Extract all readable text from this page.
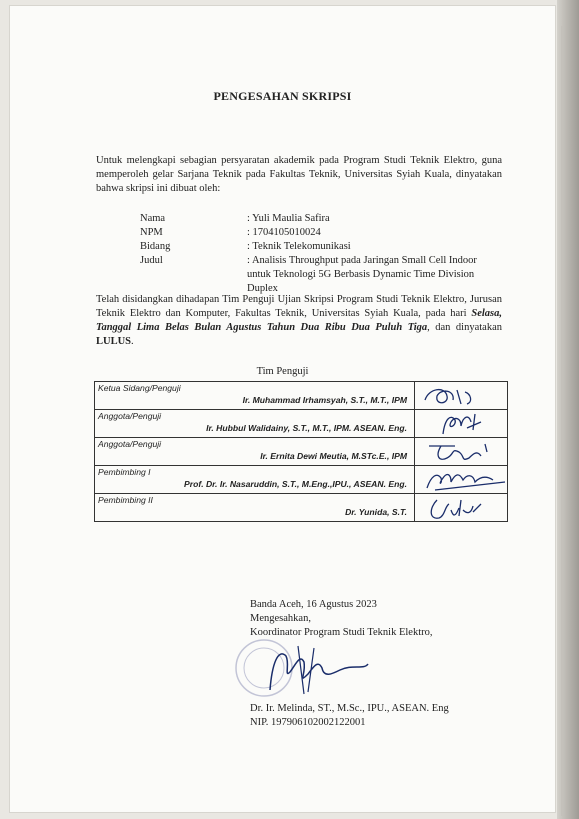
PENGESAHAN SKRIPSI
Untuk melengkapi sebagian persyaratan akademik pada Program Studi Teknik Elektro, guna memperoleh gelar Sarjana Teknik pada Fakultas Teknik, Universitas Syiah Kuala, dinyatakan bahwa skripsi ini dibuat oleh:
Nama	: Yuli Maulia Safira
NPM	: 1704105010024
Bidang	: Teknik Telekomunikasi
Judul	: Analisis Throughput pada Jaringan Small Cell Indoor untuk Teknologi 5G Berbasis Dynamic Time Division Duplex
Telah disidangkan dihadapan Tim Penguji Ujian Skripsi Program Studi Teknik Elektro, Jurusan Teknik Elektro dan Komputer, Fakultas Teknik, Universitas Syiah Kuala, pada hari Selasa, Tanggal Lima Belas Bulan Agustus Tahun Dua Ribu Dua Puluh Tiga, dan dinyatakan LULUS.
Tim Penguji
Ketua Sidang/Penguji
Ir. Muhammad Irhamsyah, S.T., M.T., IPM

Anggota/Penguji
Ir. Hubbul Walidainy, S.T., M.T., IPM. ASEAN. Eng.

Anggota/Penguji
Ir. Ernita Dewi Meutia, M.STc.E., IPM

Pembimbing I
Prof. Dr. Ir. Nasaruddin, S.T., M.Eng.,IPU., ASEAN. Eng.

Pembimbing II
Dr. Yunida, S.T.

Banda Aceh, 16 Agustus 2023
Mengesahkan,
Koordinator Program Studi Teknik Elektro,
Dr. Ir. Melinda, ST., M.Sc., IPU., ASEAN. Eng
NIP. 197906102002122001
